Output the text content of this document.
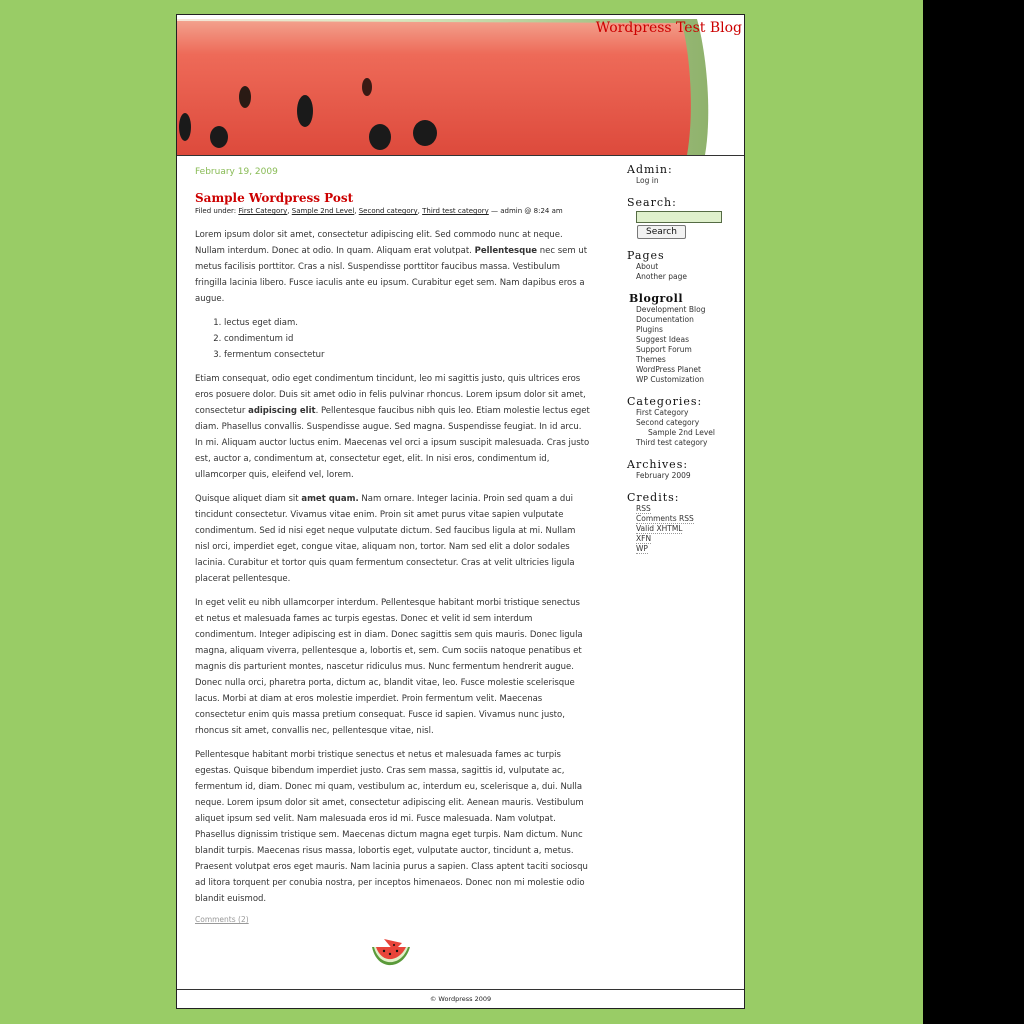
Wordpress Test Blog
February 19, 2009
Sample Wordpress Post
Filed under: First Category, Sample 2nd Level, Second category, Third test category — admin @ 8:24 am

Lorem ipsum dolor sit amet, consectetur adipiscing elit. Sed commodo nunc at neque. Nullam interdum. Donec at odio. In quam. Aliquam erat volutpat. Pellentesque nec sem ut metus facilisis porttitor. Cras a nisl. Suspendisse porttitor faucibus massa. Vestibulum fringilla lacinia libero. Fusce iaculis ante eu ipsum. Curabitur eget sem. Nam dapibus eros a augue.

1. lectus eget diam.
2. condimentum id
3. fermentum consectetur

Etiam consequat, odio eget condimentum tincidunt, leo mi sagittis justo, quis ultrices eros eros posuere dolor. Duis sit amet odio in felis pulvinar rhoncus. Lorem ipsum dolor sit amet, consectetur adipiscing elit. Pellentesque faucibus nibh quis leo. Etiam molestie lectus eget diam. Phasellus convallis. Suspendisse augue. Sed magna. Suspendisse feugiat. In id arcu. In mi. Aliquam auctor luctus enim. Maecenas vel orci a ipsum suscipit malesuada. Cras justo est, auctor a, condimentum at, consectetur eget, elit. In nisi eros, condimentum id, ullamcorper quis, eleifend vel, lorem.

Quisque aliquet diam sit amet quam. Nam ornare. Integer lacinia. Proin sed quam a dui tincidunt consectetur. Vivamus vitae enim. Proin sit amet purus vitae sapien vulputate condimentum. Sed id nisi eget neque vulputate dictum. Sed faucibus ligula at mi. Nullam nisl orci, imperdiet eget, congue vitae, aliquam non, tortor. Nam sed elit a dolor sodales lacinia. Curabitur et tortor quis quam fermentum consectetur. Cras at velit ultricies ligula placerat pellentesque.

In eget velit eu nibh ullamcorper interdum. Pellentesque habitant morbi tristique senectus et netus et malesuada fames ac turpis egestas. Donec et velit id sem interdum condimentum. Integer adipiscing est in diam. Donec sagittis sem quis mauris. Donec ligula magna, aliquam viverra, pellentesque a, lobortis et, sem. Cum sociis natoque penatibus et magnis dis parturient montes, nascetur ridiculus mus. Nunc fermentum hendrerit augue. Donec nulla orci, pharetra porta, dictum ac, blandit vitae, leo. Fusce molestie scelerisque lacus. Morbi at diam at eros molestie imperdiet. Proin fermentum velit. Maecenas consectetur enim quis massa pretium consequat. Fusce id sapien. Vivamus nunc justo, rhoncus sit amet, convallis nec, pellentesque vitae, nisl.

Pellentesque habitant morbi tristique senectus et netus et malesuada fames ac turpis egestas. Quisque bibendum imperdiet justo. Cras sem massa, sagittis id, vulputate ac, fermentum id, diam. Donec mi quam, vestibulum ac, interdum eu, scelerisque a, dui. Nulla neque. Lorem ipsum dolor sit amet, consectetur adipiscing elit. Aenean mauris. Vestibulum aliquet ipsum sed velit. Nam malesuada eros id mi. Fusce malesuada. Nam volutpat. Phasellus dignissim tristique sem. Maecenas dictum magna eget turpis. Nam dictum. Nunc blandit turpis. Maecenas risus massa, lobortis eget, vulputate auctor, tincidunt a, metus. Praesent volutpat eros eget mauris. Nam lacinia purus a sapien. Class aptent taciti sociosqu ad litora torquent per conubia nostra, per inceptos himenaeos. Donec non mi molestie odio blandit euismod.

Comments (2)
Admin:
Log in
Search:
Search
Pages
About
Another page
Blogroll
Development Blog
Documentation
Plugins
Suggest Ideas
Support Forum
Themes
WordPress Planet
WP Customization
Categories:
First Category
Second category
Sample 2nd Level
Third test category
Archives:
February 2009
Credits:
RSS
Comments RSS
Valid XHTML
XFN
WP
© Wordpress 2009
